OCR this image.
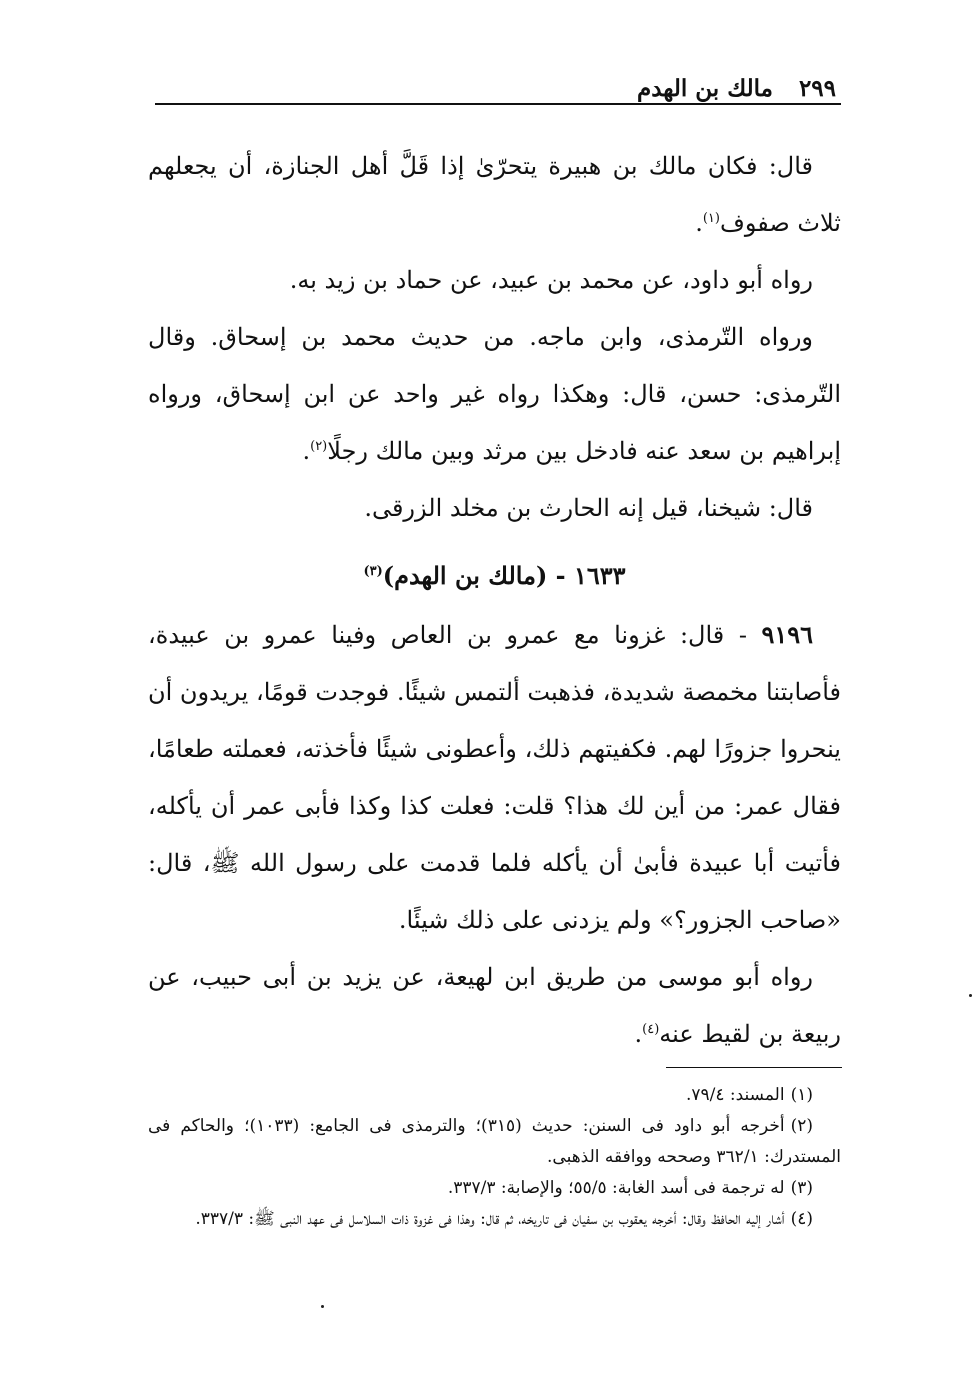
٢٩٩
مالك بن الهدم

قال: فكان مالك بن هبيرة يتحرّىٰ إذا قَلَّ أهل الجنازة، أن يجعلهم ثلاث صفوف$^{(١)}$.

رواه أبو داود، عن محمد بن عبيد، عن حماد بن زيد به.

ورواه التّرمذى، وابن ماجه. من حديث محمد بن إسحاق. وقال التّرمذى: حسن، قال: وهكذا رواه غير واحد عن ابن إسحاق، ورواه إبراهيم بن سعد عنه فادخل بين مرثد وبين مالك رجلًا$^{(٢)}$.

قال: شيخنا، قيل إنه الحارث بن مخلد الزرقى.

١٦٣٣ - (مالك بن الهدم)$^{(٣)}$

٩١٩٦ - قال: غزونا مع عمرو بن العاص وفينا عمرو بن عبيدة، فأصابتنا مخمصة شديدة، فذهبت ألتمس شيئًا. فوجدت قومًا، يريدون أن ينحروا جزورًا لهم. فكفيتهم ذلك، وأعطونى شيئًا فأخذته، فعملته طعامًا، فقال عمر: من أين لك هذا؟ قلت: فعلت كذا وكذا فأبى عمر أن يأكله، فأتيت أبا عبيدة فأبىٰ أن يأكله فلما قدمت على رسول الله ﷺ، قال: «صاحب الجزور؟» ولم يزدنى على ذلك شيئًا.

رواه أبو موسى من طريق ابن لهيعة، عن يزيد بن أبى حبيب، عن ربيعة بن لقيط عنه$^{(٤)}$.

(١)المسند: ٧٩/٤.

(٢)أخرجه أبو داود فى السنن: حديث (٣١٥)؛ والترمذى فى الجامع: (١٠٣٣)؛ والحاكم فى المستدرك: ٣٦٢/١ وصححه ووافقه الذهبى.

(٣)له ترجمة فى أسد الغابة: ٥٥/٥؛ والإصابة: ٣٣٧/٣.

(٤)أشار إليه الحافظ وقال: أخرجه يعقوب بن سفيان فى تاريخه، ثم قال: وهذا فى غزوة ذات السلاسل فى عهد النبى ﷺ: ٣٣٧/٣.
